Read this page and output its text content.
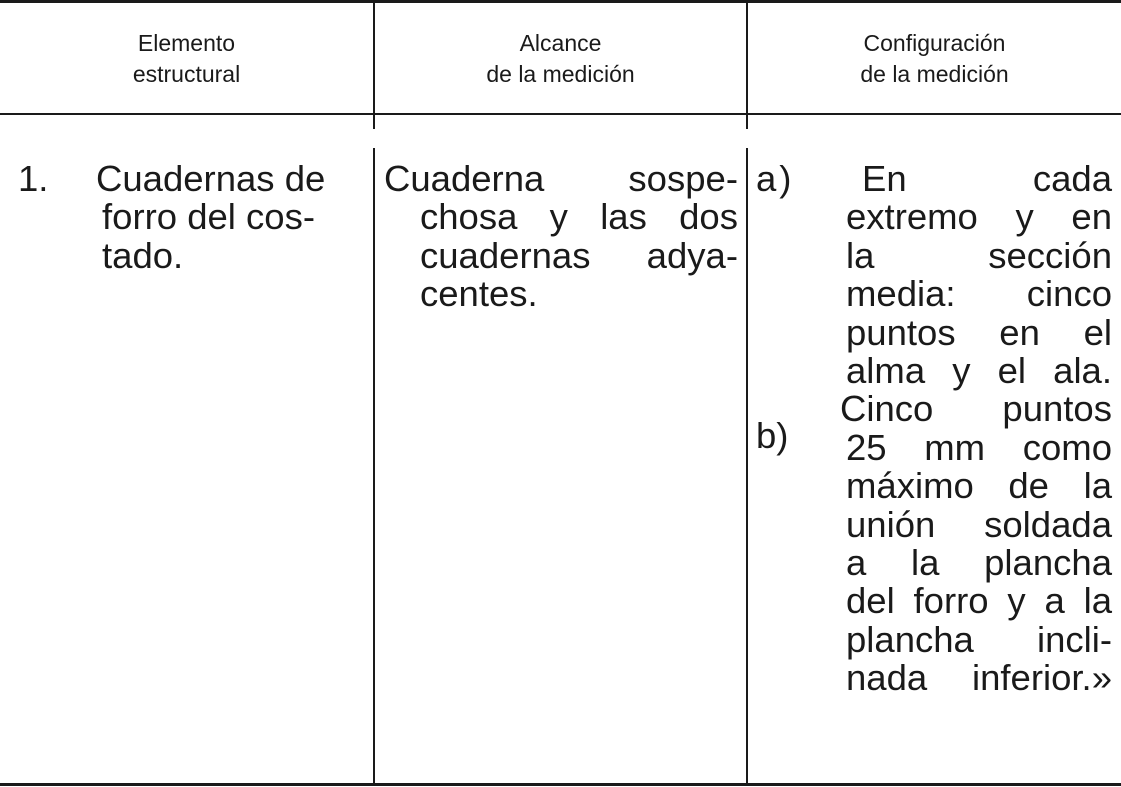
Elemento
estructural
Alcance
de la medición
Configuración
de la medición
1. Cuadernas de
forro del cos-
tado.
Cuaderna sospe-
chosa y las dos
cuadernas adya-
centes.
a)
b)
En cada
extremo y en
la sección
media: cinco
puntos en el
alma y el ala.
Cinco puntos
25 mm como
máximo de la
unión soldada
a la plancha
del forro y a la
plancha incli-
nada inferior.»
